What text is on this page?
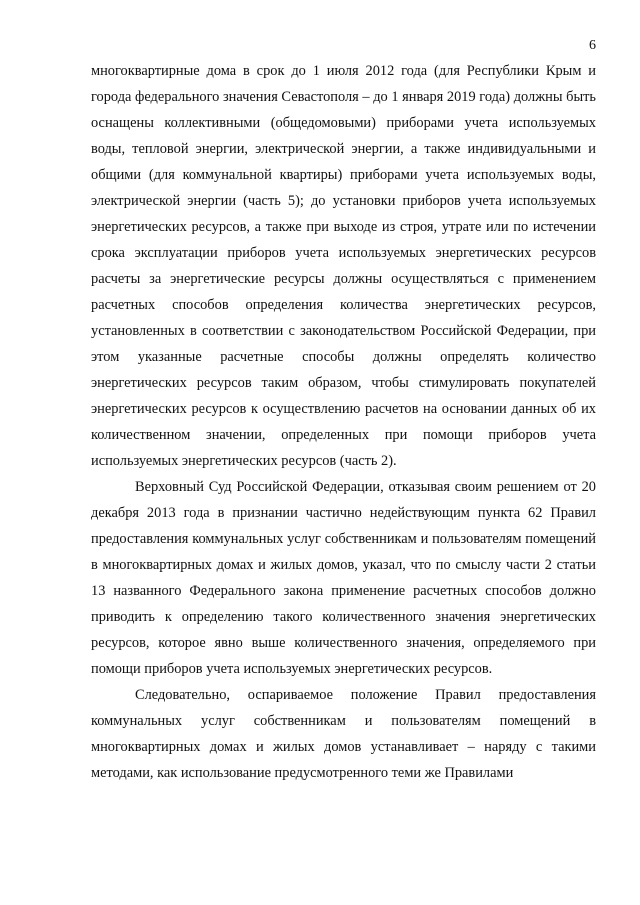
6

многоквартирные дома в срок до 1 июля 2012 года (для Республики Крым и города федерального значения Севастополя – до 1 января 2019 года) должны быть оснащены коллективными (общедомовыми) приборами учета используемых воды, тепловой энергии, электрической энергии, а также индивидуальными и общими (для коммунальной квартиры) приборами учета используемых воды, электрической энергии (часть 5); до установки приборов учета используемых энергетических ресурсов, а также при выходе из строя, утрате или по истечении срока эксплуатации приборов учета используемых энергетических ресурсов расчеты за энергетические ресурсы должны осуществляться с применением расчетных способов определения количества энергетических ресурсов, установленных в соответствии с законодательством Российской Федерации, при этом указанные расчетные способы должны определять количество энергетических ресурсов таким образом, чтобы стимулировать покупателей энергетических ресурсов к осуществлению расчетов на основании данных об их количественном значении, определенных при помощи приборов учета используемых энергетических ресурсов (часть 2).

Верховный Суд Российской Федерации, отказывая своим решением от 20 декабря 2013 года в признании частично недействующим пункта 62 Правил предоставления коммунальных услуг собственникам и пользователям помещений в многоквартирных домах и жилых домов, указал, что по смыслу части 2 статьи 13 названного Федерального закона применение расчетных способов должно приводить к определению такого количественного значения энергетических ресурсов, которое явно выше количественного значения, определяемого при помощи приборов учета используемых энергетических ресурсов.

Следовательно, оспариваемое положение Правил предоставления коммунальных услуг собственникам и пользователям помещений в многоквартирных домах и жилых домов устанавливает – наряду с такими методами, как использование предусмотренного теми же Правилами
